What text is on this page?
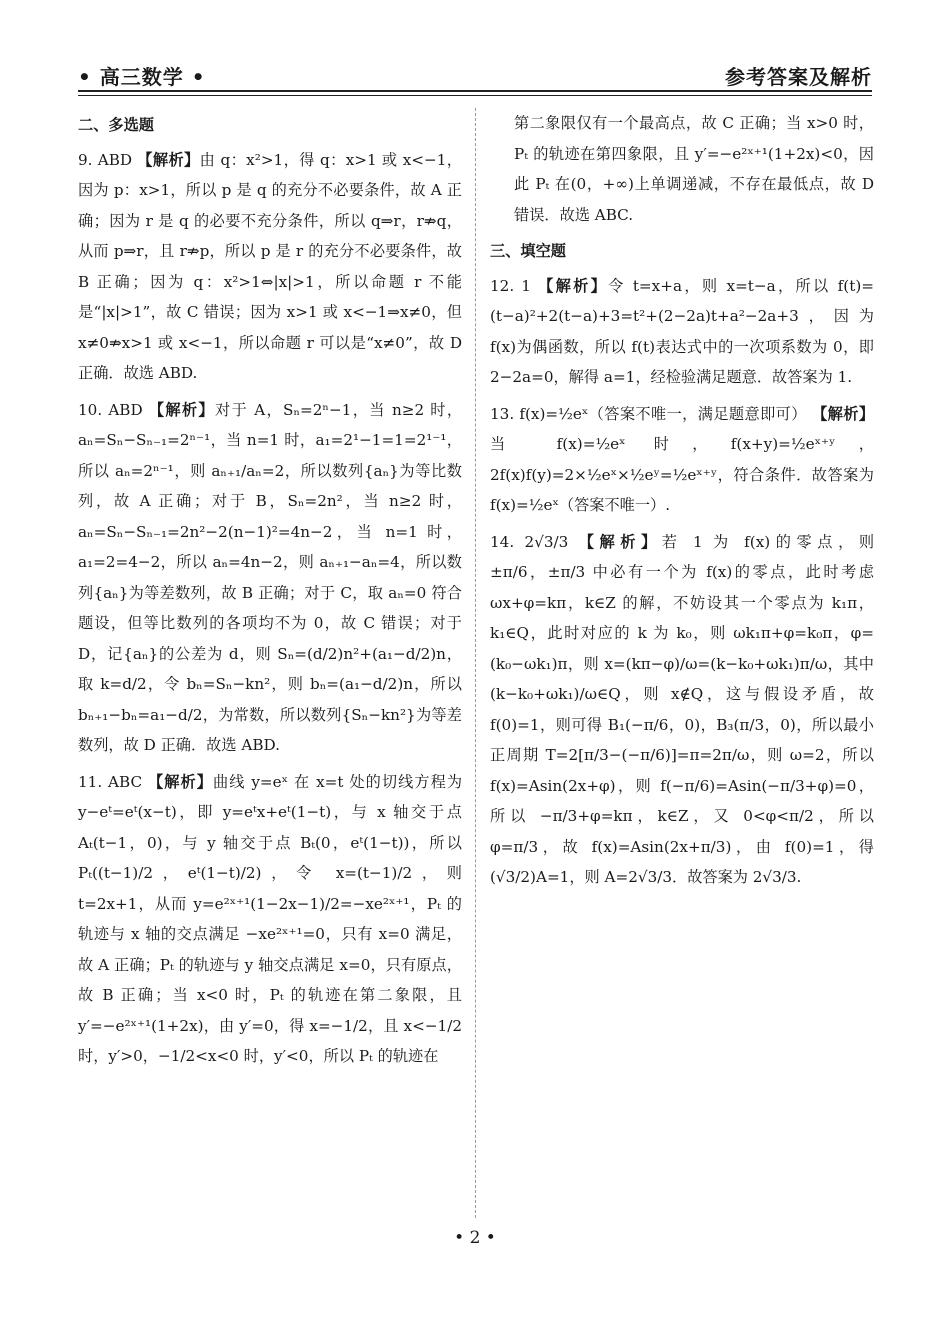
• 高三数学 •	参考答案及解析
二、多选题

9. ABD 【解析】由 q：x²>1，得 q：x>1 或 x<−1，因为 p：x>1，所以 p 是 q 的充分不必要条件，故 A 正确；因为 r 是 q 的必要不充分条件，所以 q⇒r，r⇏q，从而 p⇒r，且 r⇏p，所以 p 是 r 的充分不必要条件，故 B 正确；因为 q：x²>1⇔|x|>1，所以命题 r 不能是“|x|>1”，故 C 错误；因为 x>1 或 x<−1⇒x≠0，但 x≠0⇏x>1 或 x<−1，所以命题 r 可以是“x≠0”，故 D 正确．故选 ABD.

10. ABD 【解析】对于 A，Sₙ=2ⁿ−1，当 n≥2 时，aₙ=Sₙ−Sₙ₋₁=2ⁿ⁻¹，当 n=1 时，a₁=2¹−1=1=2¹⁻¹，所以 aₙ=2ⁿ⁻¹，则 aₙ₊₁/aₙ=2，所以数列{aₙ}为等比数列，故 A 正确；对于 B，Sₙ=2n²，当 n≥2 时，aₙ=Sₙ−Sₙ₋₁=2n²−2(n−1)²=4n−2，当 n=1 时，a₁=2=4−2，所以 aₙ=4n−2，则 aₙ₊₁−aₙ=4，所以数列{aₙ}为等差数列，故 B 正确；对于 C，取 aₙ=0 符合题设，但等比数列的各项均不为 0，故 C 错误；对于 D，记{aₙ}的公差为 d，则 Sₙ=(d/2)n²+(a₁−d/2)n，取 k=d/2，令 bₙ=Sₙ−kn²，则 bₙ=(a₁−d/2)n，所以 bₙ₊₁−bₙ=a₁−d/2，为常数，所以数列{Sₙ−kn²}为等差数列，故 D 正确．故选 ABD.

11. ABC 【解析】曲线 y=eˣ 在 x=t 处的切线方程为 y−eᵗ=eᵗ(x−t)，即 y=eᵗx+eᵗ(1−t)，与 x 轴交于点 Aₜ(t−1，0)，与 y 轴交于点 Bₜ(0，eᵗ(1−t))，所以 Pₜ((t−1)/2，eᵗ(1−t)/2)，令 x=(t−1)/2，则 t=2x+1，从而 y=e²ˣ⁺¹(1−2x−1)/2=−xe²ˣ⁺¹，Pₜ 的轨迹与 x 轴的交点满足 −xe²ˣ⁺¹=0，只有 x=0 满足，故 A 正确；Pₜ 的轨迹与 y 轴交点满足 x=0，只有原点，故 B 正确；当 x<0 时，Pₜ 的轨迹在第二象限，且 y′=−e²ˣ⁺¹(1+2x)，由 y′=0，得 x=−1/2，且 x<−1/2 时，y′>0，−1/2<x<0 时，y′<0，所以 Pₜ 的轨迹在

第二象限仅有一个最高点，故 C 正确；当 x>0 时，Pₜ 的轨迹在第四象限，且 y′=−e²ˣ⁺¹(1+2x)<0，因此 Pₜ 在(0，+∞)上单调递减，不存在最低点，故 D 错误．故选 ABC.

三、填空题

12. 1 【解析】令 t=x+a，则 x=t−a，所以 f(t)=(t−a)²+2(t−a)+3=t²+(2−2a)t+a²−2a+3，因为 f(x)为偶函数，所以 f(t)表达式中的一次项系数为 0，即 2−2a=0，解得 a=1，经检验满足题意．故答案为 1.

13. f(x)=½eˣ（答案不唯一，满足题意即可） 【解析】当 f(x)=½eˣ 时，f(x+y)=½eˣ⁺ʸ，2f(x)f(y)=2×½eˣ×½eʸ=½eˣ⁺ʸ，符合条件．故答案为 f(x)=½eˣ（答案不唯一）.

14. 2√3/3 【解析】若 1 为 f(x)的零点，则 ±π/6，±π/3 中必有一个为 f(x)的零点，此时考虑 ωx+φ=kπ，k∈Z 的解，不妨设其一个零点为 k₁π，k₁∈Q，此时对应的 k 为 k₀，则 ωk₁π+φ=k₀π，φ=(k₀−ωk₁)π，则 x=(kπ−φ)/ω=(k−k₀+ωk₁)π/ω，其中 (k−k₀+ωk₁)/ω∈Q，则 x∉Q，这与假设矛盾，故 f(0)=1，则可得 B₁(−π/6，0)，B₃(π/3，0)，所以最小正周期 T=2[π/3−(−π/6)]=π=2π/ω，则 ω=2，所以 f(x)=Asin(2x+φ)，则 f(−π/6)=Asin(−π/3+φ)=0，所以 −π/3+φ=kπ，k∈Z，又 0<φ<π/2，所以 φ=π/3，故 f(x)=Asin(2x+π/3)，由 f(0)=1，得 (√3/2)A=1，则 A=2√3/3．故答案为 2√3/3.

• 2 •
